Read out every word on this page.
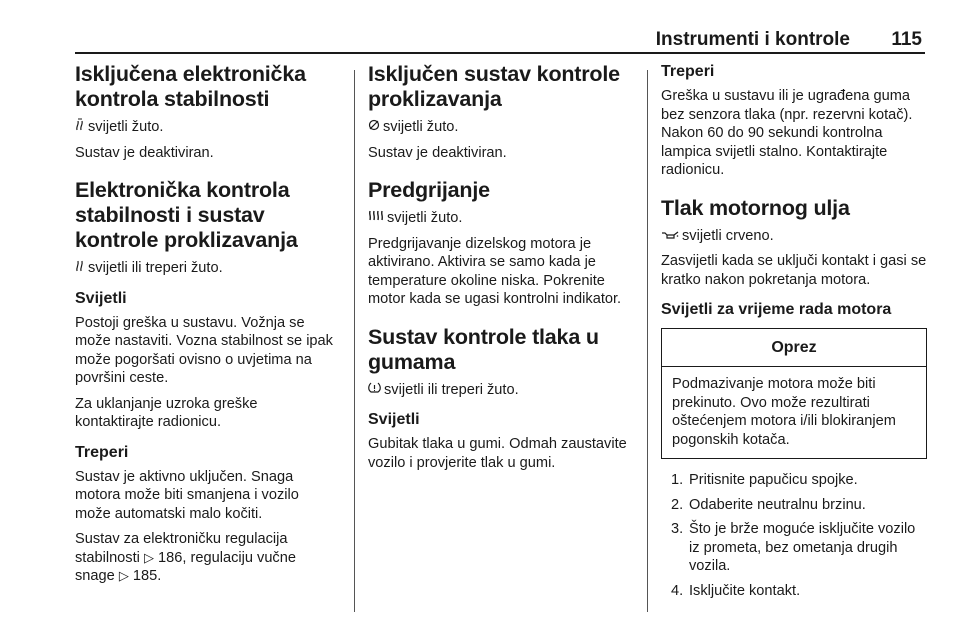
Instrumenti i kontrole	115
Isključena elektronička kontrola stabilnosti

svijetli žuto.

Sustav je deaktiviran.

Elektronička kontrola stabilnosti i sustav kontrole proklizavanja

svijetli ili treperi žuto.

Svijetli

Postoji greška u sustavu. Vožnja se može nastaviti. Vozna stabilnost se ipak može pogoršati ovisno o uvjetima na površini ceste.

Za uklanjanje uzroka greške kontaktirajte radionicu.

Treperi

Sustav je aktivno uključen. Snaga motora može biti smanjena i vozilo može automatski malo kočiti.

Sustav za elektroničku regulacija stabilnosti ▷ 186, regulaciju vučne snage ▷ 185.

Isključen sustav kontrole proklizavanja

svijetli žuto.

Sustav je deaktiviran.

Predgrijanje

svijetli žuto.

Predgrijavanje dizelskog motora je aktivirano. Aktivira se samo kada je temperature okoline niska. Pokrenite motor kada se ugasi kontrolni indikator.

Sustav kontrole tlaka u gumama

svijetli ili treperi žuto.

Svijetli

Gubitak tlaka u gumi. Odmah zaustavite vozilo i provjerite tlak u gumi.

Treperi

Greška u sustavu ili je ugrađena guma bez senzora tlaka (npr. rezervni kotač). Nakon 60 do 90 sekundi kontrolna lampica svijetli stalno. Kontaktirajte radionicu.

Tlak motornog ulja

svijetli crveno.

Zasvijetli kada se uključi kontakt i gasi se kratko nakon pokretanja motora.

Svijetli za vrijeme rada motora
Oprez
Podmazivanje motora može biti prekinuto. Ovo može rezultirati oštećenjem motora i/ili blokiranjem pogonskih kotača.
1. Pritisnite papučicu spojke.
2. Odaberite neutralnu brzinu.
3. Što je brže moguće isključite vozilo iz prometa, bez ometanja drugih vozila.
4. Isključite kontakt.
